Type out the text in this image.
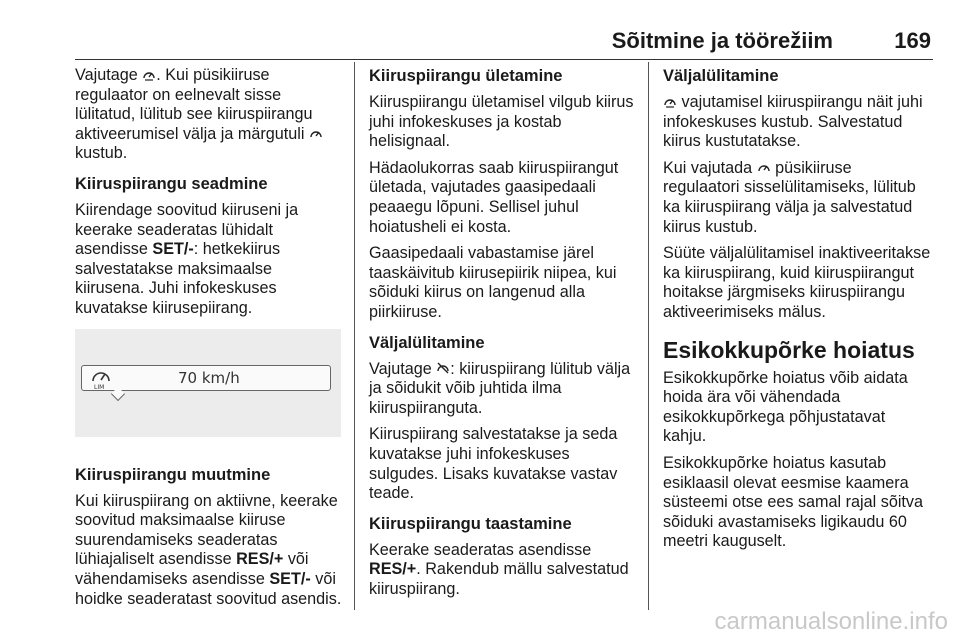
Sõitmine ja töörežiim	169

Vajutage . Kui püsikiiruse regulaator on eelnevalt sisse lülitatud, lülitub see kiiruspiirangu aktiveerumisel välja ja märgutuli  kustub.

Kiiruspiirangu seadmine

Kiirendage soovitud kiiruseni ja keerake seaderatas lühidalt asendisse SET/-: hetkekiirus salvestatakse maksimaalse kiirusena. Juhi infokeskuses kuvatakse kiirusepiirang.

LIM
70 km/h
Kiiruspiirangu muutmine

Kui kiiruspiirang on aktiivne, keerake soovitud maksimaalse kiiruse suurendamiseks seaderatas lühiajaliselt asendisse RES/+ või vähendamiseks asendisse SET/- või hoidke seaderatast soovitud asendis.

Kiiruspiirangu ületamine

Kiiruspiirangu ületamisel vilgub kiirus juhi infokeskuses ja kostab helisignaal.

Hädaolukorras saab kiiruspiirangut ületada, vajutades gaasipedaali peaaegu lõpuni. Sellisel juhul hoiatusheli ei kosta.

Gaasipedaali vabastamise järel taaskäivitub kiirusepiirik niipea, kui sõiduki kiirus on langenud alla piirkiiruse.

Väljalülitamine

Vajutage : kiiruspiirang lülitub välja ja sõidukit võib juhtida ilma kiiruspiiranguta.

Kiiruspiirang salvestatakse ja seda kuvatakse juhi infokeskuses sulgudes. Lisaks kuvatakse vastav teade.

Kiiruspiirangu taastamine

Keerake seaderatas asendisse RES/+. Rakendub mällu salvestatud kiiruspiirang.

Väljalülitamine

vajutamisel kiiruspiirangu näit juhi infokeskuses kustub. Salvestatud kiirus kustutatakse.

Kui vajutada püsikiiruse regulaatori sisselülitamiseks, lülitub ka kiiruspiirang välja ja salvestatud kiirus kustub.

Süüte väljalülitamisel inaktiveeritakse ka kiiruspiirang, kuid kiiruspiirangut hoitakse järgmiseks kiiruspiirangu aktiveerimiseks mälus.

Esikokkupõrke hoiatus

Esikokkupõrke hoiatus võib aidata hoida ära või vähendada esikokkupõrkega põhjustatavat kahju.

Esikokkupõrke hoiatus kasutab esiklaasil olevat eesmise kaamera süsteemi otse ees samal rajal sõitva sõiduki avastamiseks ligikaudu 60 meetri kauguselt.

carmanualsonline.info
